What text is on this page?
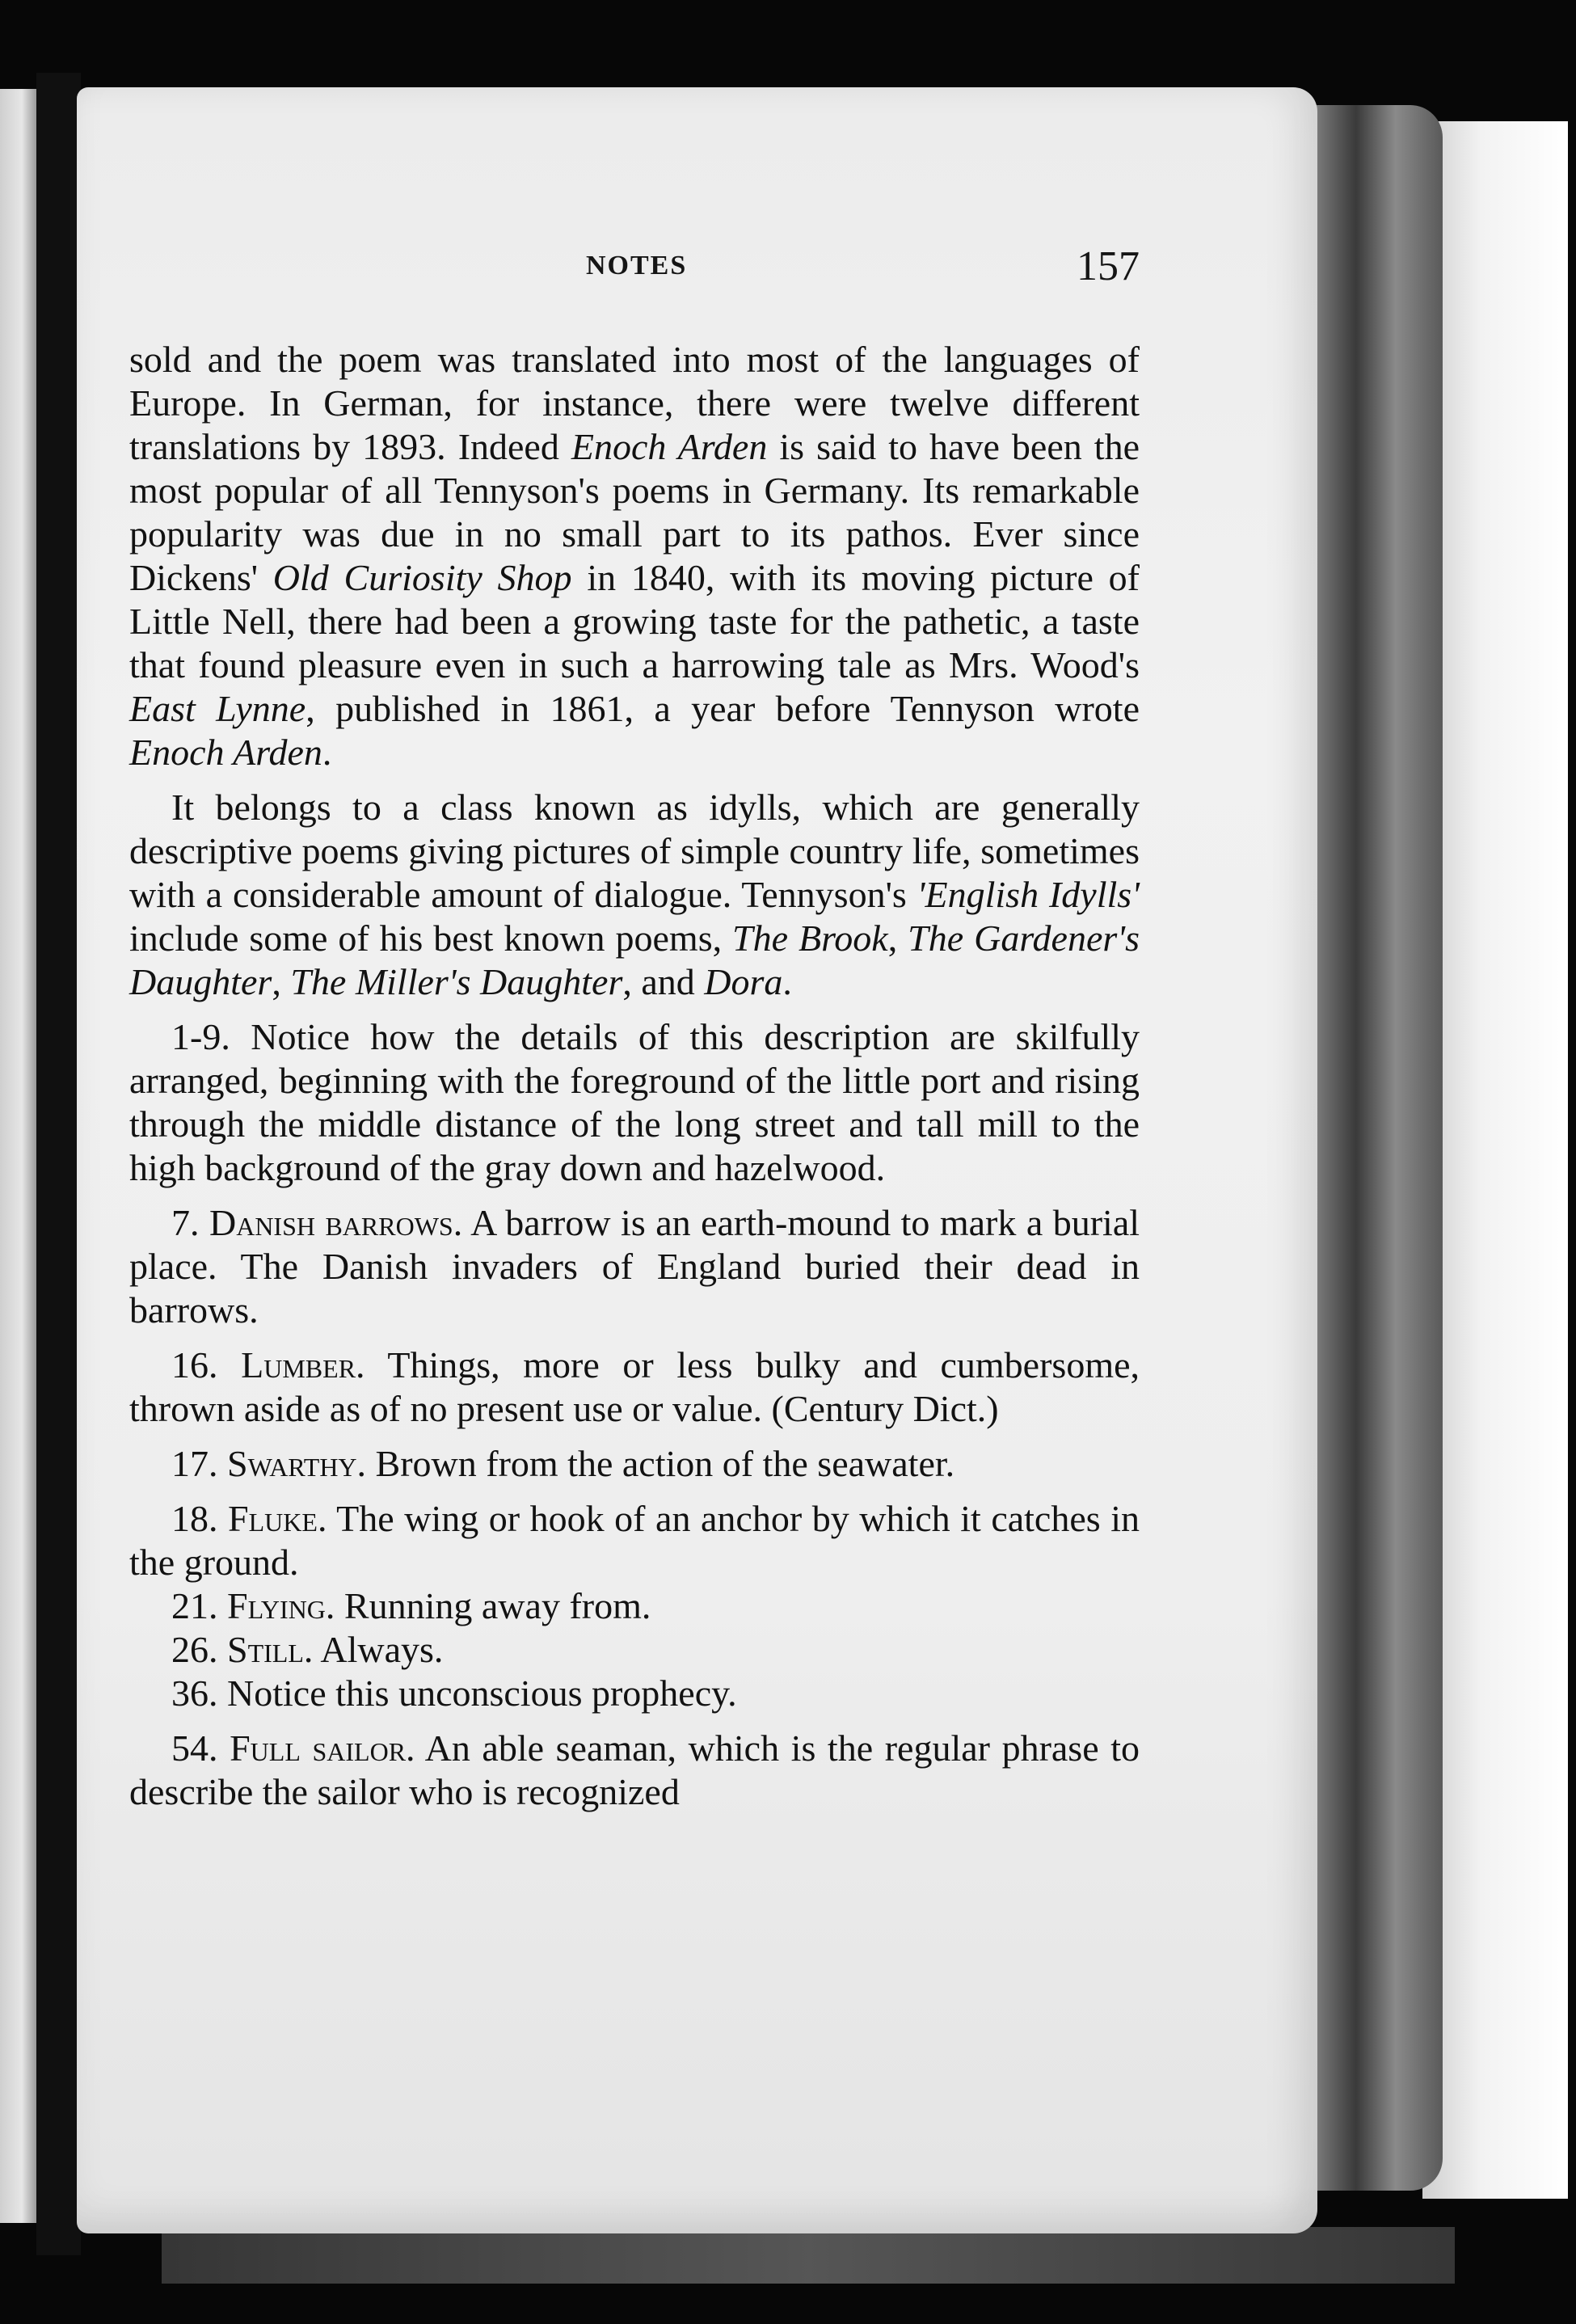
NOTES	157

sold and the poem was translated into most of the languages of Europe. In German, for instance, there were twelve different translations by 1893. Indeed Enoch Arden is said to have been the most popular of all Tennyson's poems in Germany. Its remarkable popularity was due in no small part to its pathos. Ever since Dickens' Old Curiosity Shop in 1840, with its moving picture of Little Nell, there had been a growing taste for the pathetic, a taste that found pleasure even in such a harrowing tale as Mrs. Wood's East Lynne, published in 1861, a year before Tennyson wrote Enoch Arden.

It belongs to a class known as idylls, which are generally descriptive poems giving pictures of simple country life, sometimes with a considerable amount of dialogue. Tennyson's 'English Idylls' include some of his best known poems, The Brook, The Gardener's Daughter, The Miller's Daughter, and Dora.

1-9. Notice how the details of this description are skilfully arranged, beginning with the foreground of the little port and rising through the middle distance of the long street and tall mill to the high background of the gray down and hazelwood.

7. Danish barrows. A barrow is an earth-mound to mark a burial place. The Danish invaders of England buried their dead in barrows.

16. Lumber. Things, more or less bulky and cumbersome, thrown aside as of no present use or value. (Century Dict.)

17. Swarthy. Brown from the action of the seawater.

18. Fluke. The wing or hook of an anchor by which it catches in the ground.

21. Flying. Running away from.

26. Still. Always.

36. Notice this unconscious prophecy.

54. Full sailor. An able seaman, which is the regular phrase to describe the sailor who is recognized
